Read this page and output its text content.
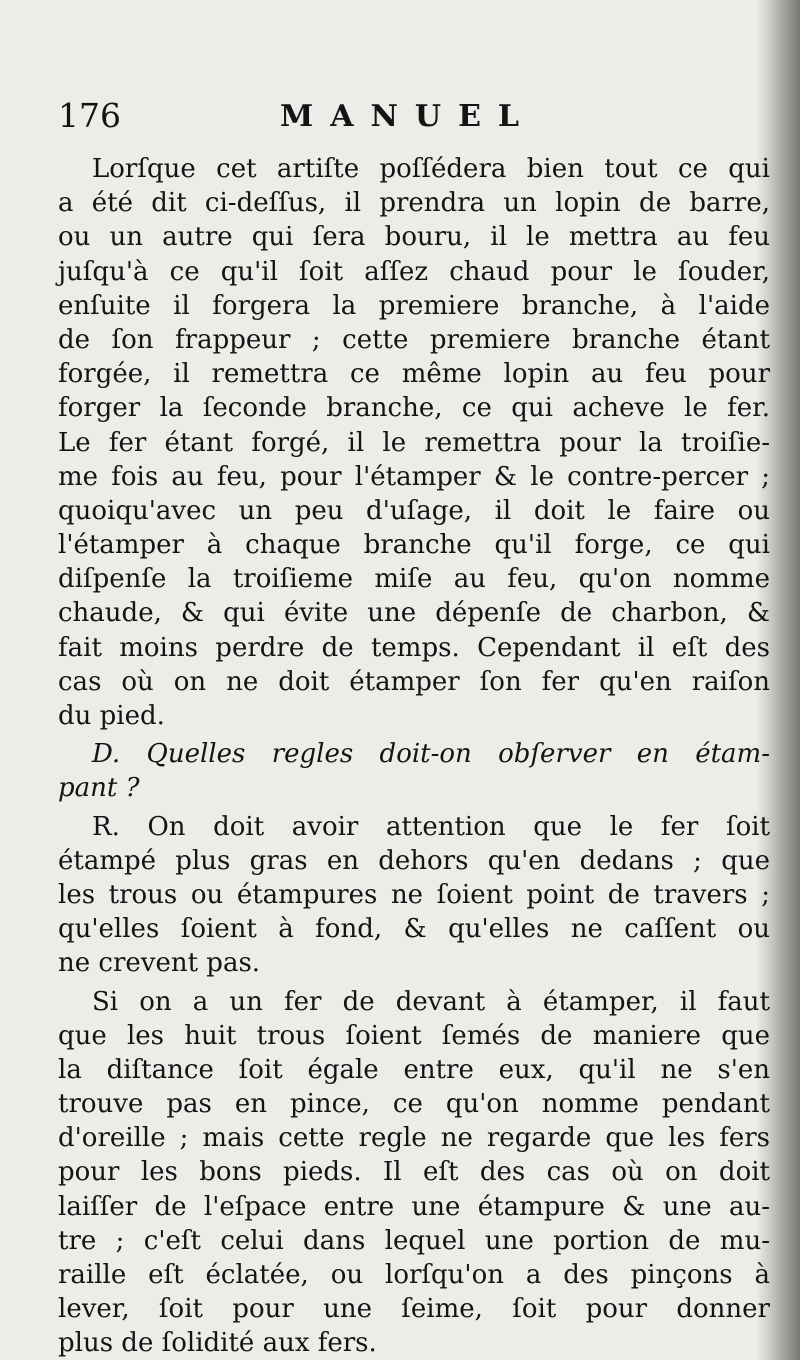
176	MANUEL
Lorſque cet artiſte poſſédera bien tout ce qui
a été dit ci-deſſus, il prendra un lopin de barre,
ou un autre qui ſera bouru, il le mettra au feu
juſqu'à ce qu'il ſoit aſſez chaud pour le ſouder,
enſuite il forgera la premiere branche, à l'aide
de ſon frappeur ; cette premiere branche étant
forgée, il remettra ce même lopin au feu pour
forger la ſeconde branche, ce qui acheve le fer.
Le fer étant forgé, il le remettra pour la troiſie-
me fois au feu, pour l'étamper & le contre-percer ;
quoiqu'avec un peu d'uſage, il doit le faire ou
l'étamper à chaque branche qu'il forge, ce qui
diſpenſe la troiſieme miſe au feu, qu'on nomme
chaude, & qui évite une dépenſe de charbon, &
fait moins perdre de temps. Cependant il eſt des
cas où on ne doit étamper ſon fer qu'en raiſon
du pied.
D. Quelles regles doit-on obſerver en étam-
pant ?
R. On doit avoir attention que le fer ſoit
étampé plus gras en dehors qu'en dedans ; que
les trous ou étampures ne ſoient point de travers ;
qu'elles ſoient à fond, & qu'elles ne caſſent ou
ne crevent pas.
Si on a un fer de devant à étamper, il faut
que les huit trous ſoient ſemés de maniere que
la diſtance ſoit égale entre eux, qu'il ne s'en
trouve pas en pince, ce qu'on nomme pendant
d'oreille ; mais cette regle ne regarde que les fers
pour les bons pieds. Il eſt des cas où on doit
laiſſer de l'eſpace entre une étampure & une au-
tre ; c'eſt celui dans lequel une portion de mu-
raille eſt éclatée, ou lorſqu'on a des pinçons à
lever, ſoit pour une ſeime, ſoit pour donner
plus de ſolidité aux fers.
